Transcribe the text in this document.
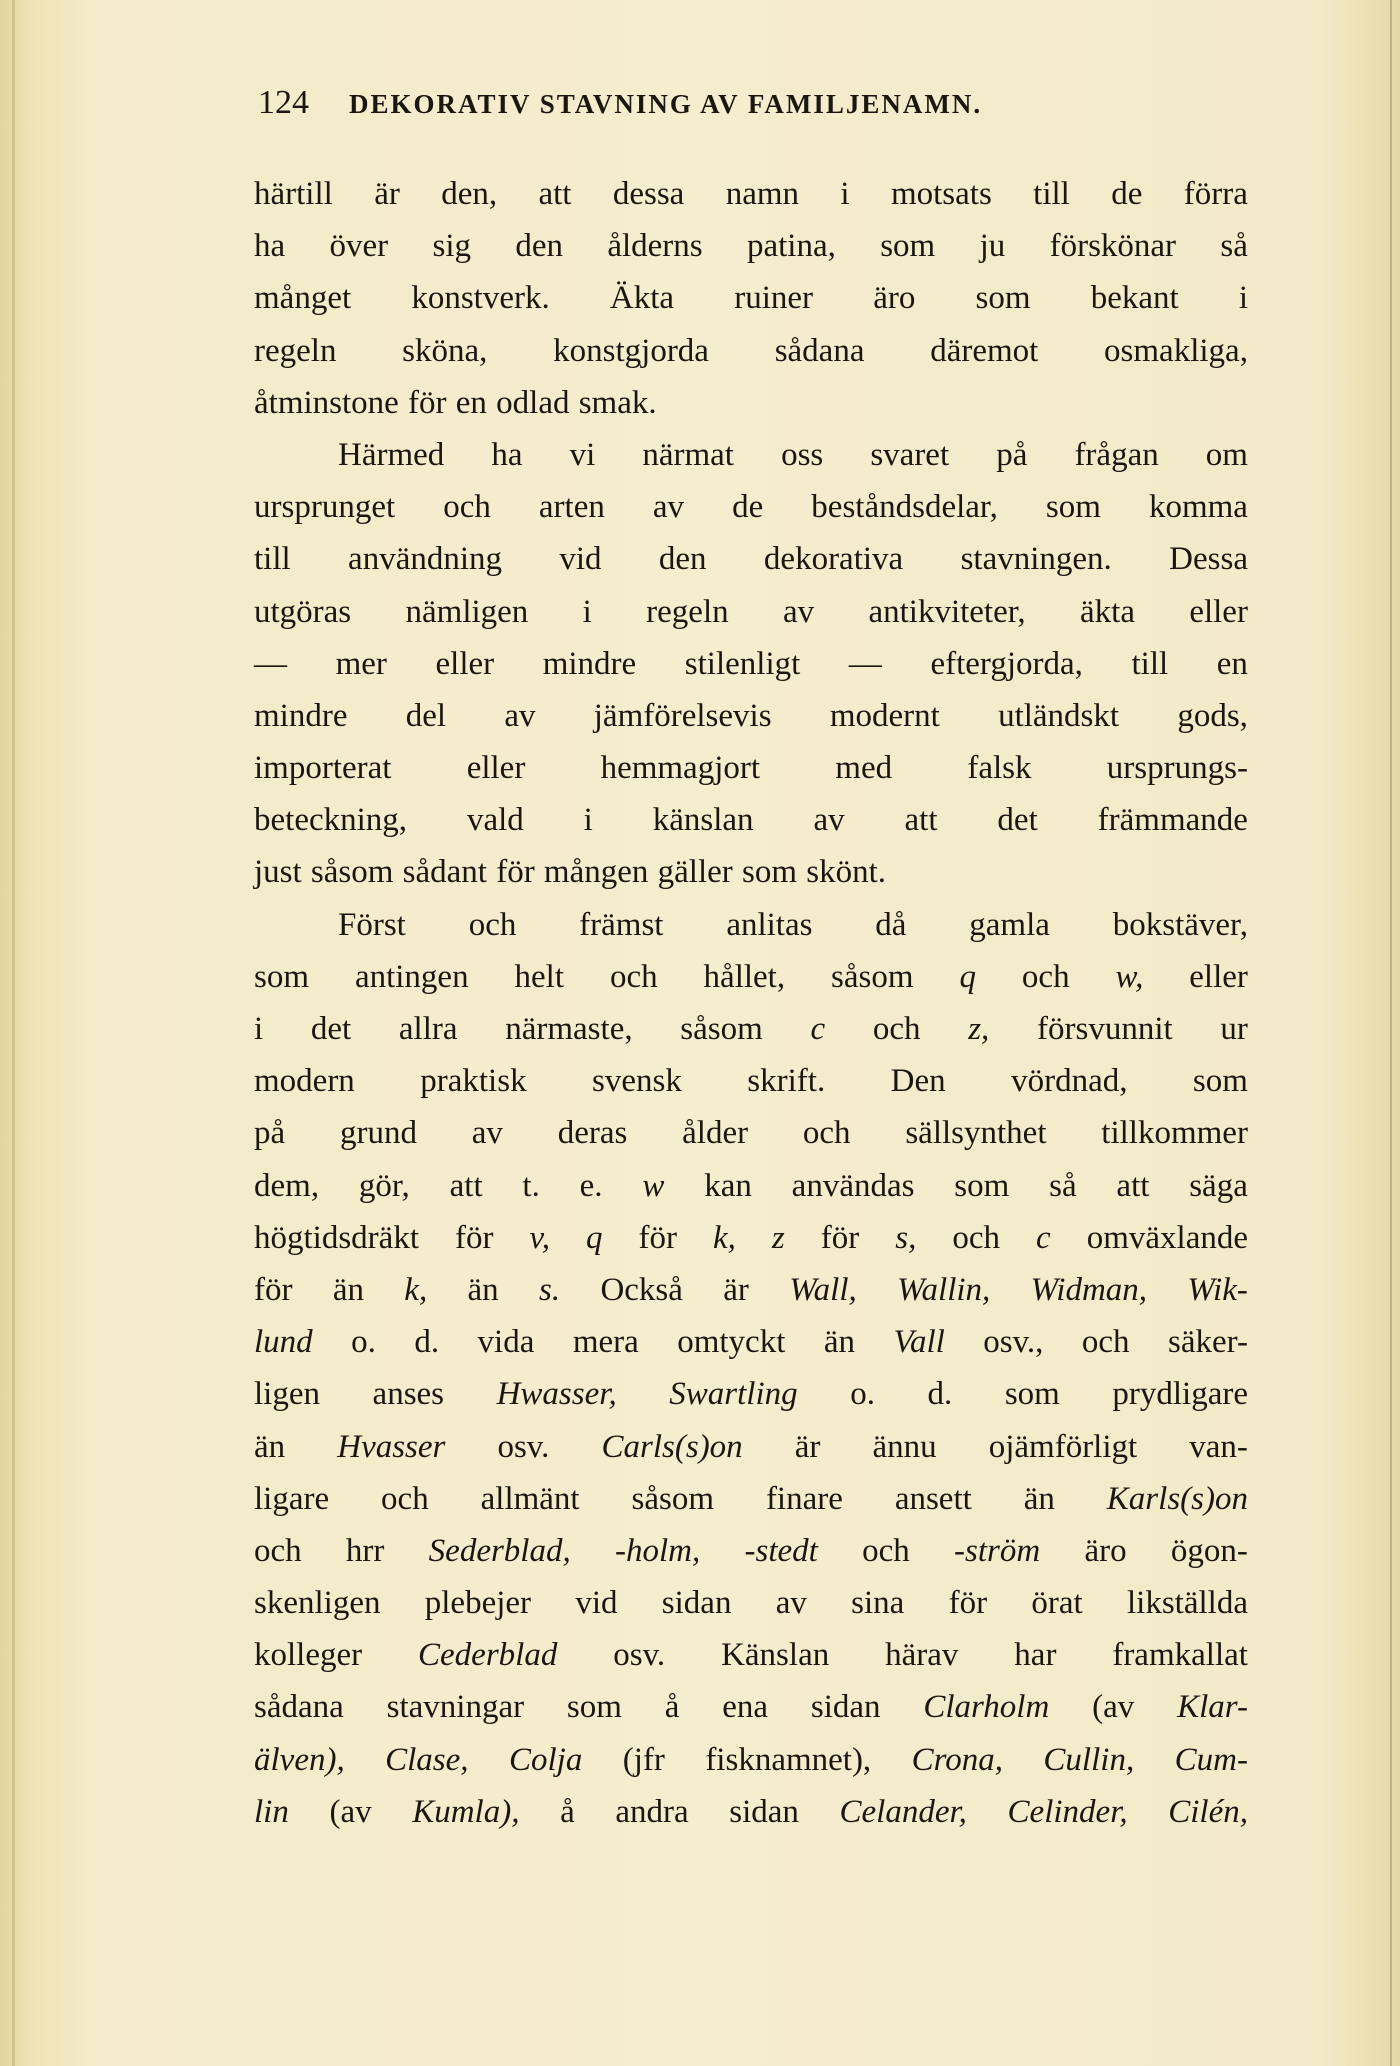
124 DEKORATIV STAVNING AV FAMILJENAMN.
härtill är den, att dessa namn i motsats till de förra
ha över sig den ålderns patina, som ju förskönar så
månget konstverk. Äkta ruiner äro som bekant i
regeln sköna, konstgjorda sådana däremot osmakliga,
åtminstone för en odlad smak.
Härmed ha vi närmat oss svaret på frågan om
ursprunget och arten av de beståndsdelar, som komma
till användning vid den dekorativa stavningen. Dessa
utgöras nämligen i regeln av antikviteter, äkta eller
— mer eller mindre stilenligt — eftergjorda, till en
mindre del av jämförelsevis modernt utländskt gods,
importerat eller hemmagjort med falsk ursprungs-
beteckning, vald i känslan av att det främmande
just såsom sådant för mången gäller som skönt.
Först och främst anlitas då gamla bokstäver,
som antingen helt och hållet, såsom q och w, eller
i det allra närmaste, såsom c och z, försvunnit ur
modern praktisk svensk skrift. Den vördnad, som
på grund av deras ålder och sällsynthet tillkommer
dem, gör, att t. e. w kan användas som så att säga
högtidsdräkt för v, q för k, z för s, och c omväxlande
för än k, än s. Också är Wall, Wallin, Widman, Wik-
lund o. d. vida mera omtyckt än Vall osv., och säker-
ligen anses Hwasser, Swartling o. d. som prydligare
än Hvasser osv. Carls(s)on är ännu ojämförligt van-
ligare och allmänt såsom finare ansett än Karls(s)on
och hrr Sederblad, -holm, -stedt och -ström äro ögon-
skenligen plebejer vid sidan av sina för örat likställda
kolleger Cederblad osv. Känslan härav har framkallat
sådana stavningar som å ena sidan Clarholm (av Klar-
älven), Clase, Colja (jfr fisknamnet), Crona, Cullin, Cum-
lin (av Kumla), å andra sidan Celander, Celinder, Cilén,
